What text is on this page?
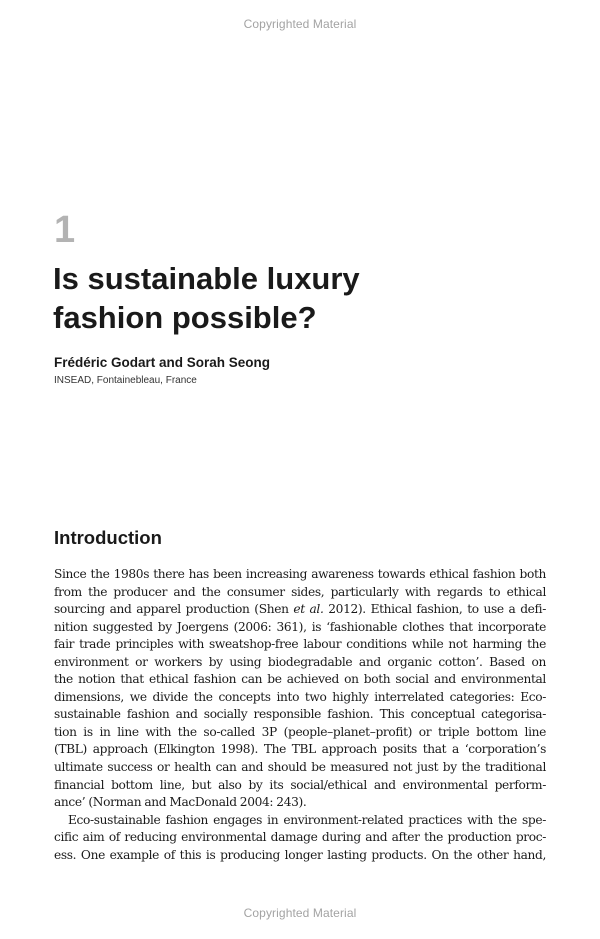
Copyrighted Material
1
Is sustainable luxury
fashion possible?
Frédéric Godart and Sorah Seong
INSEAD, Fontainebleau, France
Introduction
Since the 1980s there has been increasing awareness towards ethical fashion both
from the producer and the consumer sides, particularly with regards to ethical
sourcing and apparel production (Shen et al. 2012). Ethical fashion, to use a defi-
nition suggested by Joergens (2006: 361), is ‘fashionable clothes that incorporate
fair trade principles with sweatshop-free labour conditions while not harming the
environment or workers by using biodegradable and organic cotton’. Based on
the notion that ethical fashion can be achieved on both social and environmental
dimensions, we divide the concepts into two highly interrelated categories: Eco-
sustainable fashion and socially responsible fashion. This conceptual categorisa-
tion is in line with the so-called 3P (people–planet–profit) or triple bottom line
(TBL) approach (Elkington 1998). The TBL approach posits that a ‘corporation’s
ultimate success or health can and should be measured not just by the traditional
financial bottom line, but also by its social/ethical and environmental perform-
ance’ (Norman and MacDonald 2004: 243).
Eco-sustainable fashion engages in environment-related practices with the spe-
cific aim of reducing environmental damage during and after the production proc-
ess. One example of this is producing longer lasting products. On the other hand,
Copyrighted Material
